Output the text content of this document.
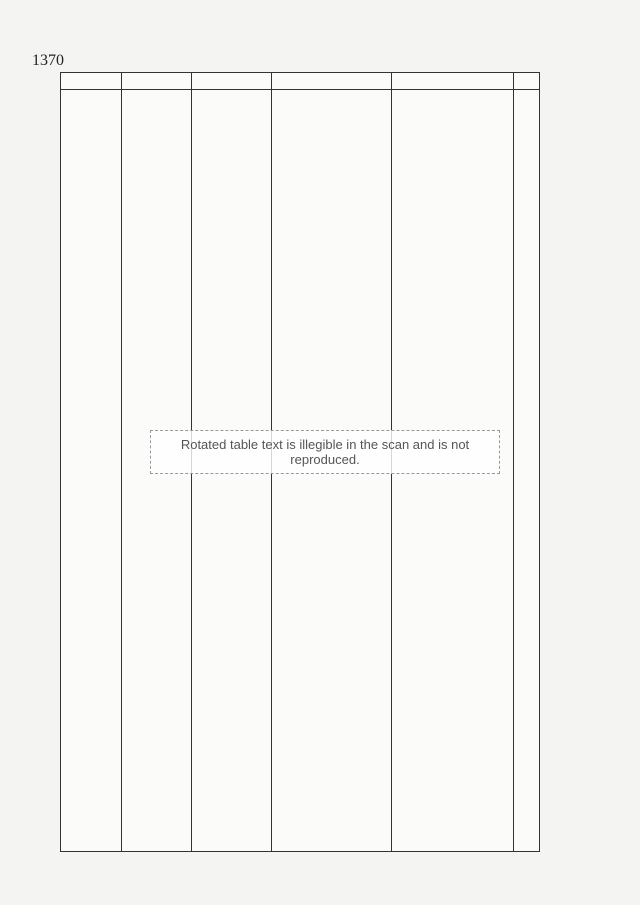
1370
Rotated table text is illegible in the scan and is not reproduced.
